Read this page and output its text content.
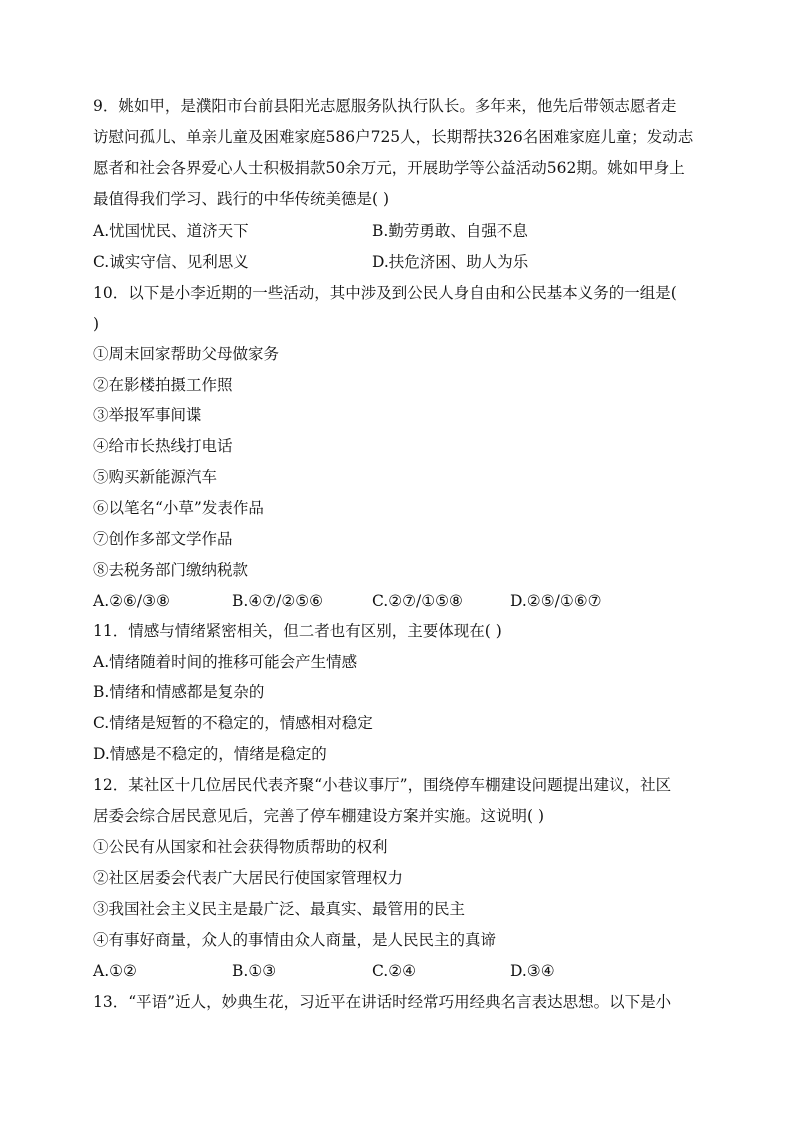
9．姚如甲，是濮阳市台前县阳光志愿服务队执行队长。多年来，他先后带领志愿者走
访慰问孤儿、单亲儿童及困难家庭586户725人，长期帮扶326名困难家庭儿童；发动志
愿者和社会各界爱心人士积极捐款50余万元，开展助学等公益活动562期。姚如甲身上
最值得我们学习、践行的中华传统美德是( )
A.忧国忧民、道济天下	B.勤劳勇敢、自强不息
C.诚实守信、见利思义	D.扶危济困、助人为乐
10．以下是小李近期的一些活动，其中涉及到公民人身自由和公民基本义务的一组是(
)
①周末回家帮助父母做家务
②在影楼拍摄工作照
③举报军事间谍
④给市长热线打电话
⑤购买新能源汽车
⑥以笔名“小草”发表作品
⑦创作多部文学作品
⑧去税务部门缴纳税款
A.②⑥/③⑧	B.④⑦/②⑤⑥	C.②⑦/①⑤⑧	D.②⑤/①⑥⑦
11．情感与情绪紧密相关，但二者也有区别，主要体现在( )
A.情绪随着时间的推移可能会产生情感
B.情绪和情感都是复杂的
C.情绪是短暂的不稳定的，情感相对稳定
D.情感是不稳定的，情绪是稳定的
12．某社区十几位居民代表齐聚“小巷议事厅”，围绕停车棚建设问题提出建议，社区
居委会综合居民意见后，完善了停车棚建设方案并实施。这说明( )
①公民有从国家和社会获得物质帮助的权利
②社区居委会代表广大居民行使国家管理权力
③我国社会主义民主是最广泛、最真实、最管用的民主
④有事好商量，众人的事情由众人商量，是人民民主的真谛
A.①②	B.①③	C.②④	D.③④
13．“平语”近人，妙典生花，习近平在讲话时经常巧用经典名言表达思想。以下是小
